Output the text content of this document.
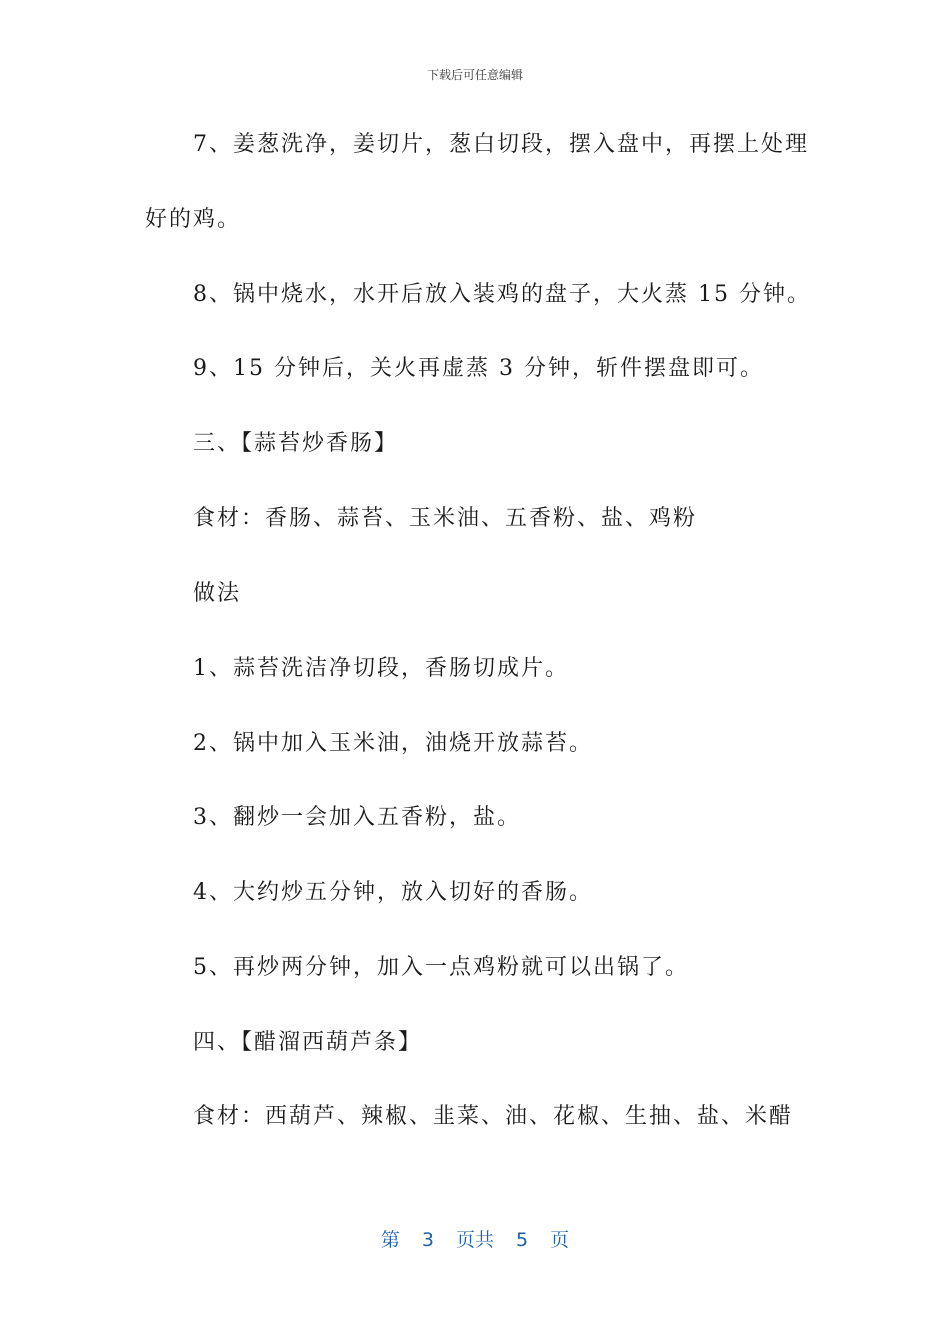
下载后可任意编辑
7、姜葱洗净，姜切片，葱白切段，摆入盘中，再摆上处理
好的鸡。
8、锅中烧水，水开后放入装鸡的盘子，大火蒸 15 分钟。
9、15 分钟后，关火再虚蒸 3 分钟，斩件摆盘即可。
三、【蒜苔炒香肠】
食材：香肠、蒜苔、玉米油、五香粉、盐、鸡粉
做法
1、蒜苔洗洁净切段，香肠切成片。
2、锅中加入玉米油，油烧开放蒜苔。
3、翻炒一会加入五香粉，盐。
4、大约炒五分钟，放入切好的香肠。
5、再炒两分钟，加入一点鸡粉就可以出锅了。
四、【醋溜西葫芦条】
食材：西葫芦、辣椒、韭菜、油、花椒、生抽、盐、米醋
第 3 页共 5 页
